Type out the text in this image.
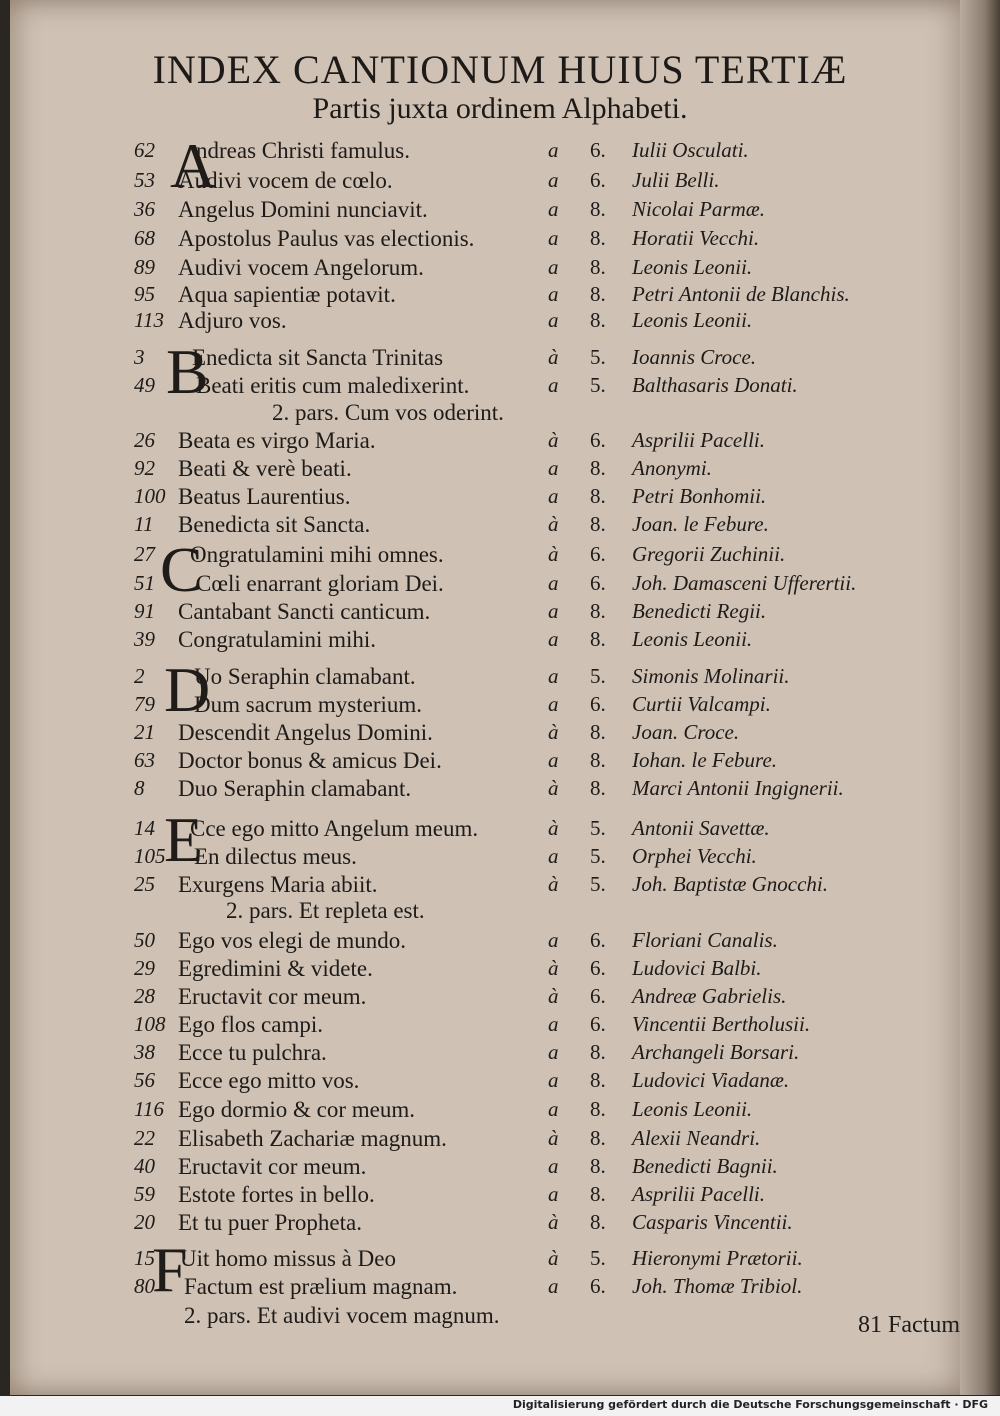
INDEX CANTIONUM HUIUS TERTIÆ
Partis juxta ordinem Alphabeti.
62 ndreas Christi famulus.	a 6. Iulii Osculati.
53 Audivi vocem de cœlo.	a 6. Julii Belli.
36 Angelus Domini nunciavit.	a 8. Nicolai Parmæ.
68 Apostolus Paulus vas electionis.	a 8. Horatii Vecchi.
89 Audivi vocem Angelorum.	a 8. Leonis Leonii.
95 Aqua sapientiæ potavit.	a 8. Petri Antonii de Blanchis.
113 Adjuro vos.	a 8. Leonis Leonii.
3 Enedicta sit Sancta Trinitas	à 5. Ioannis Croce.
49 Beati eritis cum maledixerint.	a 5. Balthasaris Donati.
2. pars. Cum vos oderint.
26 Beata es virgo Maria.	à 6. Asprilii Pacelli.
92 Beati & verè beati.	a 8. Anonymi.
100 Beatus Laurentius.	a 8. Petri Bonhomii.
11 Benedicta sit Sancta.	à 8. Joan. le Febure.
27 Ongratulamini mihi omnes.	à 6. Gregorii Zuchinii.
51 Cœli enarrant gloriam Dei.	a 6. Joh. Damasceni Ufferertii.
91 Cantabant Sancti canticum.	a 8. Benedicti Regii.
39 Congratulamini mihi.	a 8. Leonis Leonii.
2 Uo Seraphin clamabant.	a 5. Simonis Molinarii.
79 Dum sacrum mysterium.	a 6. Curtii Valcampi.
21 Descendit Angelus Domini.	à 8. Joan. Croce.
63 Doctor bonus & amicus Dei.	a 8. Iohan. le Febure.
8 Duo Seraphin clamabant.	à 8. Marci Antonii Ingignerii.
14 Cce ego mitto Angelum meum.	à 5. Antonii Savettæ.
105 En dilectus meus.	a 5. Orphei Vecchi.
25 Exurgens Maria abiit.	à 5. Joh. Baptistæ Gnocchi.
2. pars. Et repleta est.
50 Ego vos elegi de mundo.	a 6. Floriani Canalis.
29 Egredimini & videte.	à 6. Ludovici Balbi.
28 Eructavit cor meum.	à 6. Andreæ Gabrielis.
108 Ego flos campi.	a 6. Vincentii Bertholusii.
38 Ecce tu pulchra.	a 8. Archangeli Borsari.
56 Ecce ego mitto vos.	a 8. Ludovici Viadanæ.
116 Ego dormio & cor meum.	a 8. Leonis Leonii.
22 Elisabeth Zachariæ magnum.	à 8. Alexii Neandri.
40 Eructavit cor meum.	a 8. Benedicti Bagnii.
59 Estote fortes in bello.	a 8. Asprilii Pacelli.
20 Et tu puer Propheta.	à 8. Casparis Vincentii.
15 Uit homo missus à Deo	à 5. Hieronymi Prætorii.
80 Factum est prælium magnam.	a 6. Joh. Thomæ Tribiol.
2. pars. Et audivi vocem magnum.
A
B
C
D
E
F
81 Factum
Digitalisierung gefördert durch die Deutsche Forschungsgemeinschaft · DFG
